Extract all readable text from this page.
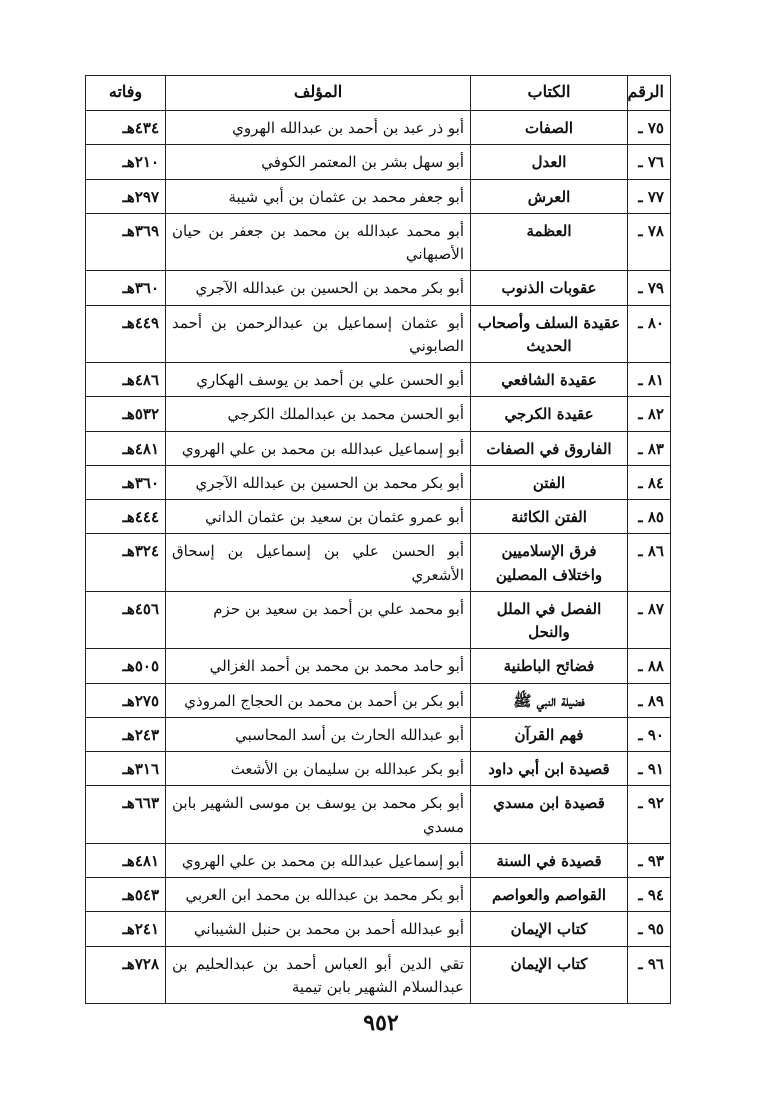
الرقم	الكتاب	المؤلف	وفاته
٧٥ ـ	الصفات	أبو ذر عبد بن أحمد بن عبدالله الهروي	٤٣٤هـ
٧٦ ـ	العدل	أبو سهل بشر بن المعتمر الكوفي	٢١٠هـ
٧٧ ـ	العرش	أبو جعفر محمد بن عثمان بن أبي شيبة	٢٩٧هـ
٧٨ ـ	العظمة	أبو محمد عبدالله بن محمد بن جعفر بن حيان الأصبهاني	٣٦٩هـ
٧٩ ـ	عقوبات الذنوب	أبو بكر محمد بن الحسين بن عبدالله الآجري	٣٦٠هـ
٨٠ ـ	عقيدة السلف وأصحاب الحديث	أبو عثمان إسماعيل بن عبدالرحمن بن أحمد الصابوني	٤٤٩هـ
٨١ ـ	عقيدة الشافعي	أبو الحسن علي بن أحمد بن يوسف الهكاري	٤٨٦هـ
٨٢ ـ	عقيدة الكرجي	أبو الحسن محمد بن عبدالملك الكرجي	٥٣٢هـ
٨٣ ـ	الفاروق في الصفات	أبو إسماعيل عبدالله بن محمد بن علي الهروي	٤٨١هـ
٨٤ ـ	الفتن	أبو بكر محمد بن الحسين بن عبدالله الآجري	٣٦٠هـ
٨٥ ـ	الفتن الكائنة	أبو عمرو عثمان بن سعيد بن عثمان الداني	٤٤٤هـ
٨٦ ـ	فرق الإسلاميين واختلاف المصلين	أبو الحسن علي بن إسماعيل بن إسحاق الأشعري	٣٢٤هـ
٨٧ ـ	الفصل في الملل والنحل	أبو محمد علي بن أحمد بن سعيد بن حزم	٤٥٦هـ
٨٨ ـ	فضائح الباطنية	أبو حامد محمد بن محمد بن أحمد الغزالي	٥٠٥هـ
٨٩ ـ	فضيلة النبي ﷺ	أبو بكر بن أحمد بن محمد بن الحجاج المروذي	٢٧٥هـ
٩٠ ـ	فهم القرآن	أبو عبدالله الحارث بن أسد المحاسبي	٢٤٣هـ
٩١ ـ	قصيدة ابن أبي داود	أبو بكر عبدالله بن سليمان بن الأشعث	٣١٦هـ
٩٢ ـ	قصيدة ابن مسدي	أبو بكر محمد بن يوسف بن موسى الشهير بابن مسدي	٦٦٣هـ
٩٣ ـ	قصيدة في السنة	أبو إسماعيل عبدالله بن محمد بن علي الهروي	٤٨١هـ
٩٤ ـ	القواصم والعواصم	أبو بكر محمد بن عبدالله بن محمد ابن العربي	٥٤٣هـ
٩٥ ـ	كتاب الإيمان	أبو عبدالله أحمد بن محمد بن حنبل الشيباني	٢٤١هـ
٩٦ ـ	كتاب الإيمان	تقي الدين أبو العباس أحمد بن عبدالحليم بن عبدالسلام الشهير بابن تيمية	٧٢٨هـ
٩٥٢
